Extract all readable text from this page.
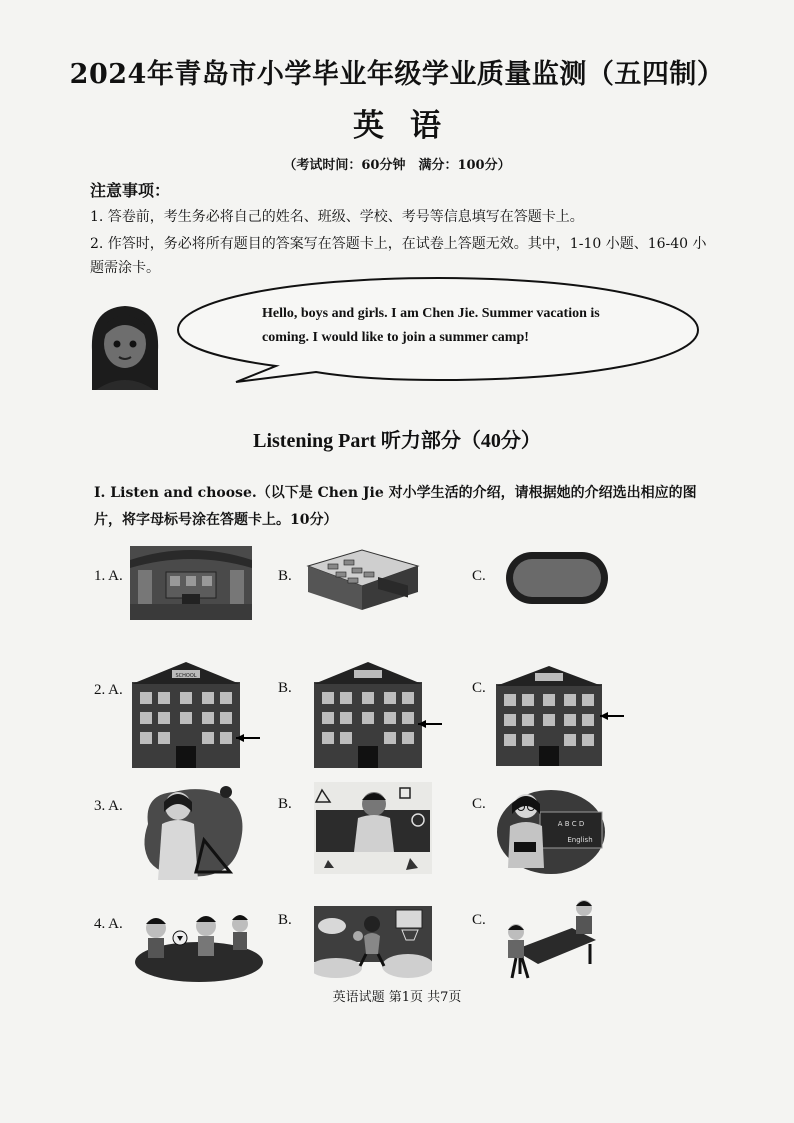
2024年青岛市小学毕业年级学业质量监测（五四制）
英语
（考试时间：60分钟　满分：100分）
注意事项：
1. 答卷前，考生务必将自己的姓名、班级、学校、考号等信息填写在答题卡上。
2. 作答时，务必将所有题目的答案写在答题卡上，在试卷上答题无效。其中，1-10 小题、16-40 小题需涂卡。
Hello, boys and girls. I am Chen Jie. Summer vacation is coming. I would like to join a summer camp!
Listening Part 听力部分（40分）
I. Listen and choose.（以下是 Chen Jie 对小学生活的介绍，请根据她的介绍选出相应的图片，将字母标号涂在答题卡上。10分）
1. A.	B.	C.
2. A.	B.	C.
SCHOOL
3. A.	B.	C.
A B C D
English
4. A.	B.	C.
英语试题 第1页 共7页
